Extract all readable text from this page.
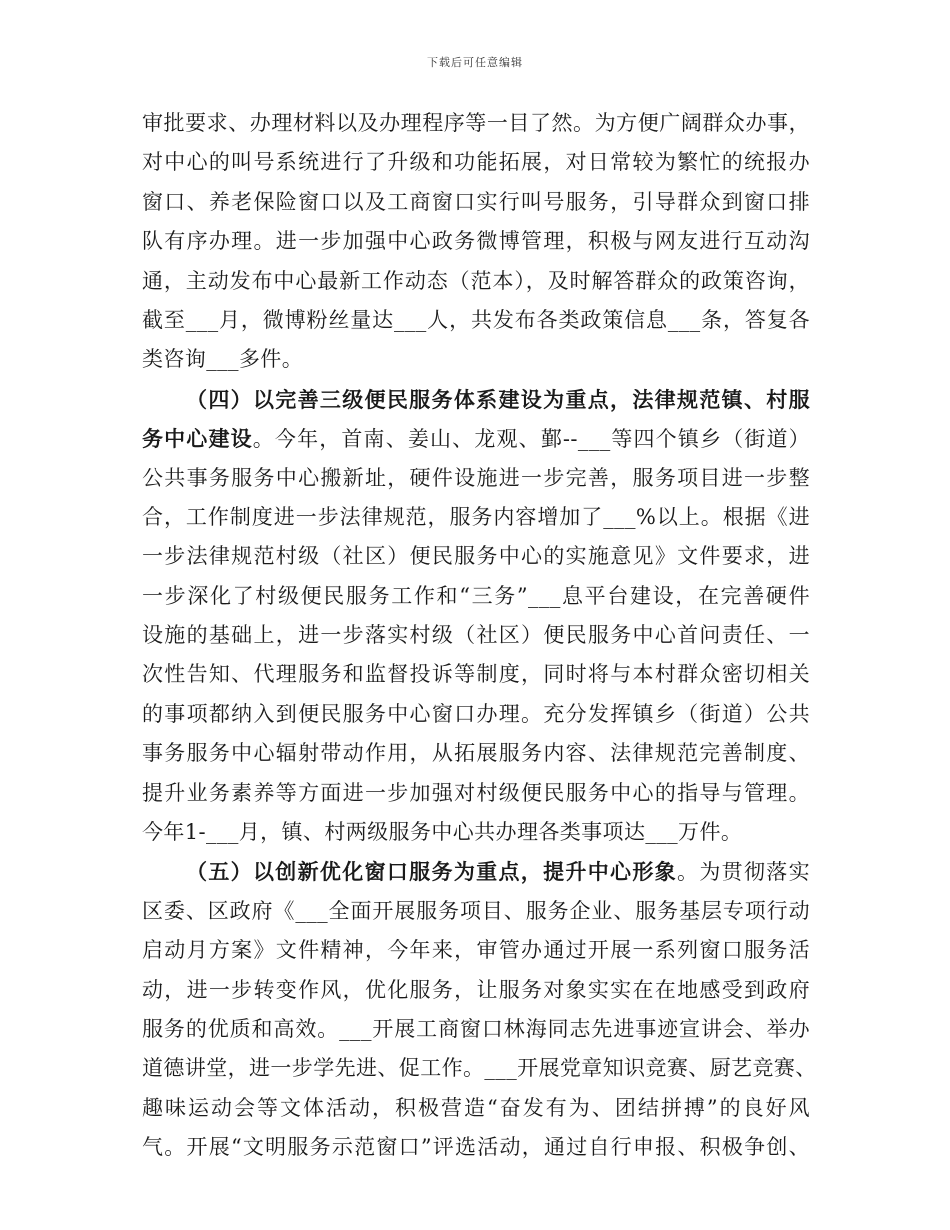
下载后可任意编辑
审批要求、办理材料以及办理程序等一目了然。为方便广阔群众办事，
对中心的叫号系统进行了升级和功能拓展，对日常较为繁忙的统报办
窗口、养老保险窗口以及工商窗口实行叫号服务，引导群众到窗口排
队有序办理。进一步加强中心政务微博管理，积极与网友进行互动沟
通，主动发布中心最新工作动态（范本），及时解答群众的政策咨询，
截至___月，微博粉丝量达___人，共发布各类政策信息___条，答复各
类咨询___多件。
（四）以完善三级便民服务体系建设为重点，法律规范镇、村服
务中心建设。今年，首南、姜山、龙观、鄞--___等四个镇乡（街道）
公共事务服务中心搬新址，硬件设施进一步完善，服务项目进一步整
合，工作制度进一步法律规范，服务内容增加了___%以上。根据《进
一步法律规范村级（社区）便民服务中心的实施意见》文件要求，进
一步深化了村级便民服务工作和“三务”___息平台建设，在完善硬件
设施的基础上，进一步落实村级（社区）便民服务中心首问责任、一
次性告知、代理服务和监督投诉等制度，同时将与本村群众密切相关
的事项都纳入到便民服务中心窗口办理。充分发挥镇乡（街道）公共
事务服务中心辐射带动作用，从拓展服务内容、法律规范完善制度、
提升业务素养等方面进一步加强对村级便民服务中心的指导与管理。
今年1-___月，镇、村两级服务中心共办理各类事项达___万件。
（五）以创新优化窗口服务为重点，提升中心形象。为贯彻落实
区委、区政府《___全面开展服务项目、服务企业、服务基层专项行动
启动月方案》文件精神，今年来，审管办通过开展一系列窗口服务活
动，进一步转变作风，优化服务，让服务对象实实在在地感受到政府
服务的优质和高效。___开展工商窗口林海同志先进事迹宣讲会、举办
道德讲堂，进一步学先进、促工作。___开展党章知识竞赛、厨艺竞赛、
趣味运动会等文体活动，积极营造“奋发有为、团结拼搏”的良好风
气。开展“文明服务示范窗口”评选活动，通过自行申报、积极争创、
